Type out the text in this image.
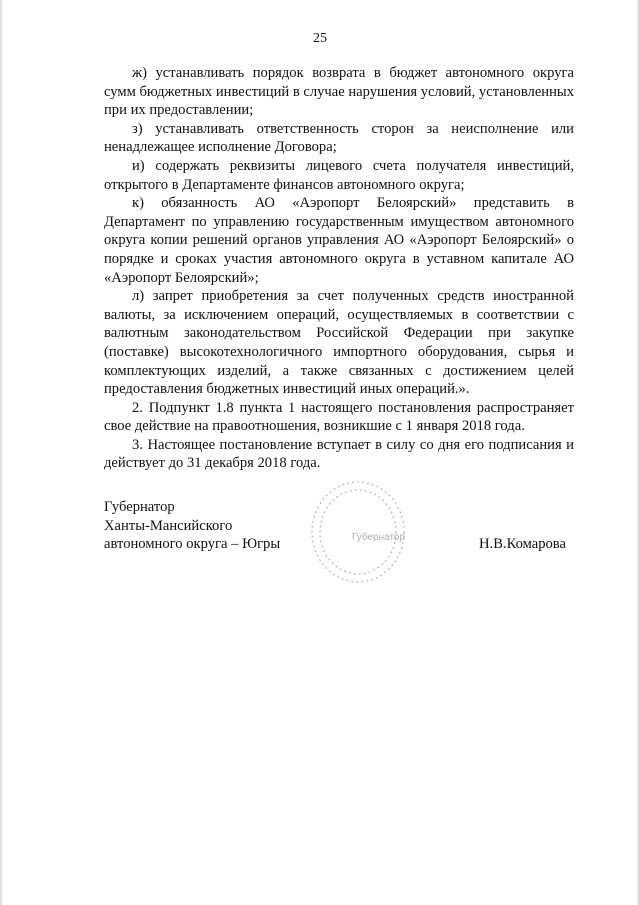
25

ж) устанавливать порядок возврата в бюджет автономного округа сумм бюджетных инвестиций в случае нарушения условий, установленных при их предоставлении;

з) устанавливать ответственность сторон за неисполнение или ненадлежащее исполнение Договора;

и) содержать реквизиты лицевого счета получателя инвестиций, открытого в Департаменте финансов автономного округа;

к) обязанность АО «Аэропорт Белоярский» представить в Департамент по управлению государственным имуществом автономного округа копии решений органов управления АО «Аэропорт Белоярский» о порядке и сроках участия автономного округа в уставном капитале АО «Аэропорт Белоярский»;

л) запрет приобретения за счет полученных средств иностранной валюты, за исключением операций, осуществляемых в соответствии с валютным законодательством Российской Федерации при закупке (поставке) высокотехнологичного импортного оборудования, сырья и комплектующих изделий, а также связанных с достижением целей предоставления бюджетных инвестиций иных операций.».

2. Подпункт 1.8 пункта 1 настоящего постановления распространяет свое действие на правоотношения, возникшие с 1 января 2018 года.

3. Настоящее постановление вступает в силу со дня его подписания и действует до 31 декабря 2018 года.

Губернатор
Ханты-Мансийского
автономного округа – Югры	Губернатор	Н.В.Комарова
